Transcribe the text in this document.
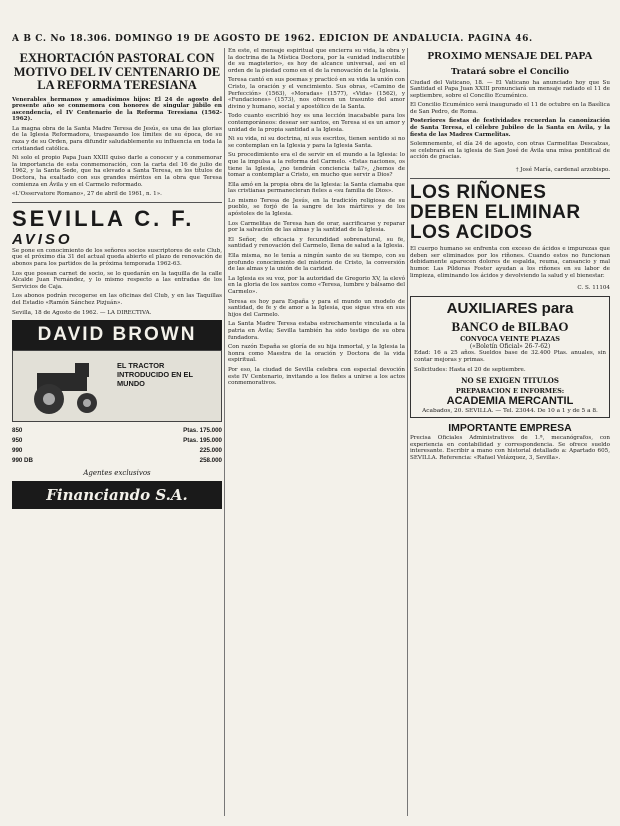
A B C. No 18.306. DOMINGO 19 DE AGOSTO DE 1962. EDICION DE ANDALUCIA. PAGINA 46.
EXHORTACIÓN PASTORAL CON MOTIVO DEL IV CENTENARIO DE LA REFORMA TERESIANA

Venerables hermanos y amadísimos hijos: El 24 de agosto del presente año se conmemora con honores de singular júbilo en ascendencia, el IV Centenario de la Reforma Teresiana (1562-1962).

La magna obra de la Santa Madre Teresa de Jesús, es una de las glorias de la Iglesia Reformadora, traspasando los límites de su época, de su raza y de su Orden, para difundir saludablemente su influencia en toda la cristiandad católica.

Ni solo el propio Papa Juan XXIII quiso darle a conocer y a conmemorar la importancia de esta conmemoración, con la carta del 16 de julio de 1962, y la Santa Sede, que ha elevado a Santa Teresa, en los títulos de Doctora, ha exaltado con sus grandes méritos en la obra que Teresa comienza en Ávila y en el Carmelo reformado.

«L'Osservatore Romano», 27 de abril de 1961, n. 1».

SEVILLA C. F.
AVISO

Se pone en conocimiento de los señores socios suscriptores de este Club, que el próximo día 31 del actual queda abierto el plazo de renovación de abonos para los partidos de la próxima temporada 1962-63.

Los que posean carnet de socio, se lo quedarán en la taquilla de la calle Alcalde Juan Fernández, y lo mismo respecto a las entradas de los Servicios de Caja.

Los abonos podrán recogerse en las oficinas del Club, y en las Taquillas del Estadio «Ramón Sánchez Pizjuán».

Sevilla, 18 de Agosto de 1962. — LA DIRECTIVA.

DAVID BROWN
EL TRACTOR INTRODUCIDO EN EL MUNDO
850	Ptas. 175.000
950	Ptas. 195.000
990	225.000
990 DB	258.000
Agentes exclusivos
Financiando S.A.

En este, el mensaje espiritual que encierra su vida, la obra y la doctrina de la Mística Doctora, por la «unidad indiscutible de su magisterio», es hoy de alcance universal, así en el orden de la piedad como en el de la renovación de la Iglesia.

Teresa cantó en sus poemas y practicó en su vida la unión con Cristo, la oración y el vencimiento. Sus obras, «Camino de Perfección» (1563), «Moradas» (1577), «Vida» (1562), y «Fundaciones» (1573), nos ofrecen un trasunto del amor divino y humano, social y apostólico de la Santa.

Todo cuanto escribió hoy es una lección inacabable para los contemporáneos: desear ser santos, en Teresa si es un amor y unidad de la propia santidad a la Iglesia.

Ni su vida, ni su doctrina, ni sus escritos, tienen sentido si no se contemplan en la Iglesia y para la Iglesia Santa.

Su procedimiento era el de servir en el mundo a la Iglesia: lo que la impulsa a la reforma del Carmelo. «Estas naciones, os tiene la Iglesia, ¿no tendrán conciencia tal?», ¿hemos de tomar a contemplar a Cristo, en mucho que servir a Dios?

Ella amó en la propia obra de la Iglesia: la Santa clamaba que las cristianas permanecieran fieles a «su familia de Dios».

Lo mismo Teresa de Jesús, en la tradición religiosa de su pueblo, se forjó de la sangre de los mártires y de los apóstoles de la Iglesia.

Los Carmelitas de Teresa han de orar, sacrificarse y reparar por la salvación de las almas y la santidad de la Iglesia.

El Señor, de eficacia y fecundidad sobrenatural, su fe, santidad y renovación del Carmelo, llena de salud a la Iglesia.

Ella misma, no le tenía a ningún santo de su tiempo, con su profundo conocimiento del misterio de Cristo, la conversión de las almas y la unión de la caridad.

La Iglesia es su voz, por la autoridad de Gregorio XV, la elevó en la gloria de los santos como «Teresa, lumbre y bálsamo del Carmelo».

Teresa es hoy para España y para el mundo un modelo de santidad, de fe y de amor a la Iglesia, que sigue viva en sus hijos del Carmelo.

La Santa Madre Teresa estaba estrechamente vinculada a la patria en Ávila; Sevilla también ha sido testigo de su obra fundadora.

Con razón España se gloría de su hija inmortal, y la Iglesia la honra como Maestra de la oración y Doctora de la vida espiritual.

Por eso, la ciudad de Sevilla celebra con especial devoción este IV Centenario, invitando a los fieles a unirse a los actos conmemorativos.

PROXIMO MENSAJE DEL PAPA
Tratará sobre el Concilio

Ciudad del Vaticano, 18. — El Vaticano ha anunciado hoy que Su Santidad el Papa Juan XXIII pronunciará un mensaje radiado el 11 de septiembre, sobre el Concilio Ecuménico.

El Concilio Ecuménico será inaugurado el 11 de octubre en la Basílica de San Pedro, de Roma.

Posteriores fiestas de festividades recuerdan la canonización de Santa Teresa, el célebre Jubileo de la Santa en Ávila, y la fiesta de las Madres Carmelitas.

Solemnemente, el día 24 de agosto, con otras Carmelitas Descalzas, se celebrará en la iglesia de San José de Ávila una misa pontifical de acción de gracias.

† José María, cardenal arzobispo.

LOS RIÑONES DEBEN ELIMINAR LOS ACIDOS

El cuerpo humano se enfrenta con exceso de ácidos e impurezas que deben ser eliminados por los riñones. Cuando estos no funcionan debidamente aparecen dolores de espalda, reuma, cansancio y mal humor. Las Píldoras Foster ayudan a los riñones en su labor de limpieza, eliminando los ácidos y devolviendo la salud y el bienestar.

C. S. 11104

AUXILIARES para
BANCO de BILBAO
CONVOCA VEINTE PLAZAS
(«Boletín Oficial» 26-7-62)

Edad: 16 a 25 años. Sueldos base de 32.400 Ptas. anuales, sin contar mejoras y primas.

Solicitudes: Hasta el 20 de septiembre.

NO SE EXIGEN TITULOS
PREPARACION E INFORMES:
ACADEMIA MERCANTIL
Acabados, 20. SEVILLA. — Tel. 23044. De 10 a 1 y de 5 a 8.
IMPORTANTE EMPRESA

Precisa Oficiales Administrativos de 1.ª, mecanógrafos, con experiencia en contabilidad y correspondencia. Se ofrece sueldo interesante. Escribir a mano con historial detallado a: Apartado 605, SEVILLA. Referencia: «Rafael Velázquez, 3, Sevilla».
